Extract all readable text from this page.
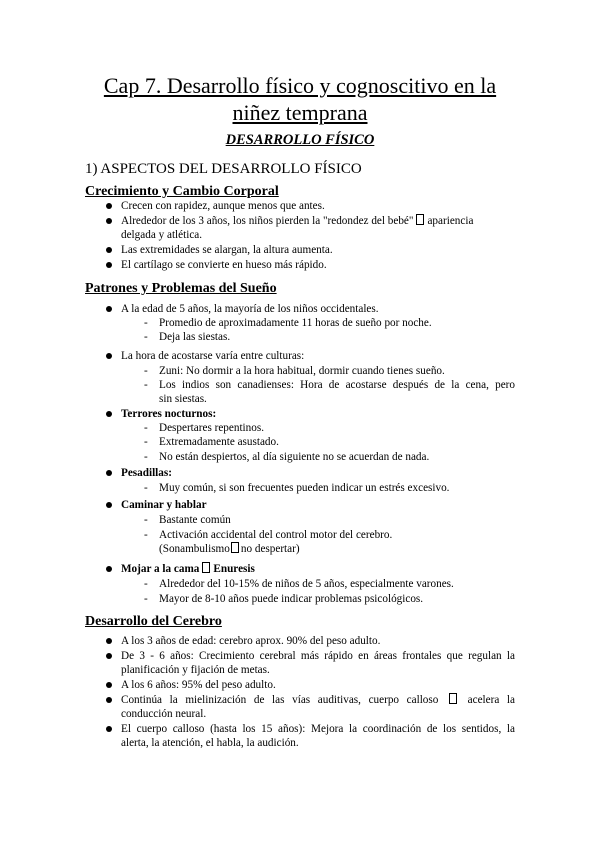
Cap 7. Desarrollo físico y cognoscitivo en la
niñez temprana
DESARROLLO FÍSICO
1) ASPECTOS DEL DESARROLLO FÍSICO
Crecimiento y Cambio Corporal
Crecen con rapidez, aunque menos que antes.
Alrededor de los 3 años, los niños pierden la "redondez del bebé" apariencia
delgada y atlética.
Las extremidades se alargan, la altura aumenta.
El cartílago se convierte en hueso más rápido.
Patrones y Problemas del Sueño
A la edad de 5 años, la mayoría de los niños occidentales.
- Promedio de aproximadamente 11 horas de sueño por noche.
- Deja las siestas.
La hora de acostarse varía entre culturas:
- Zuni: No dormir a la hora habitual, dormir cuando tienes sueño.
- Los indios son canadienses: Hora de acostarse después de la cena, pero
sin siestas.
Terrores nocturnos:
- Despertares repentinos.
- Extremadamente asustado.
- No están despiertos, al día siguiente no se acuerdan de nada.
Pesadillas:
- Muy común, si son frecuentes pueden indicar un estrés excesivo.
Caminar y hablar
- Bastante común
- Activación accidental del control motor del cerebro.
(Sonambulismo no despertar)
Mojar a la cama Enuresis
- Alrededor del 10-15% de niños de 5 años, especialmente varones.
- Mayor de 8-10 años puede indicar problemas psicológicos.
Desarrollo del Cerebro
A los 3 años de edad: cerebro aprox. 90% del peso adulto.
De 3 - 6 años: Crecimiento cerebral más rápido en áreas frontales que regulan la
planificación y fijación de metas.
A los 6 años: 95% del peso adulto.
Continúa la mielinización de las vías auditivas, cuerpo calloso	acelera la
conducción neural.
El cuerpo calloso (hasta los 15 años): Mejora la coordinación de los sentidos, la
alerta, la atención, el habla, la audición.
